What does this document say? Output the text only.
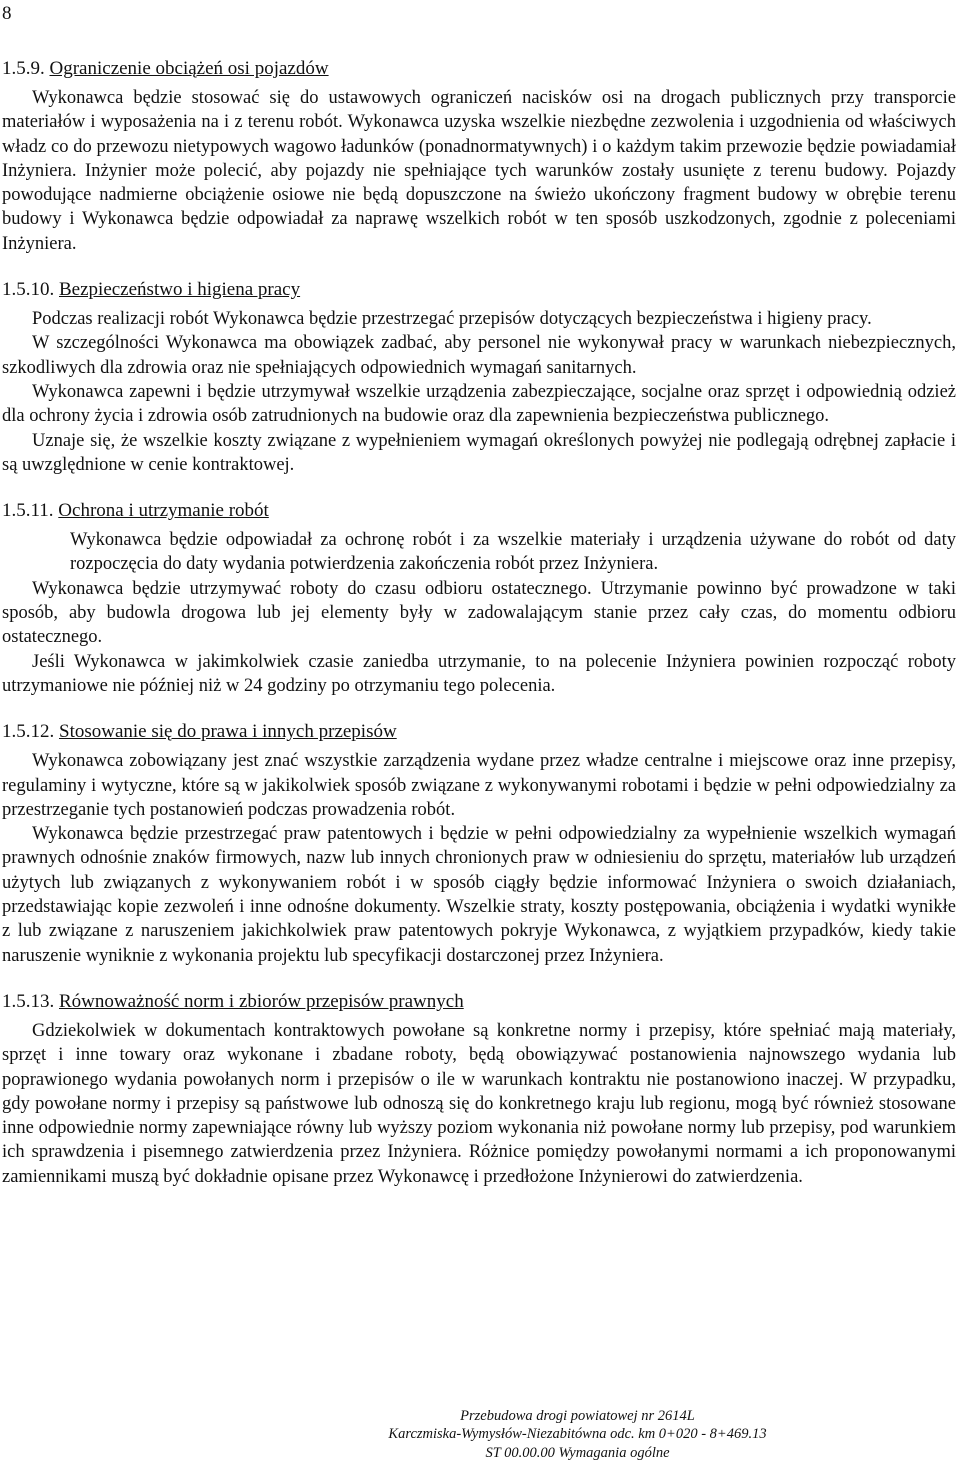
8
1.5.9. Ograniczenie obciążeń osi pojazdów

Wykonawca będzie stosować się do ustawowych ograniczeń nacisków osi na drogach publicznych przy transporcie materiałów i wyposażenia na i z terenu robót. Wykonawca uzyska wszelkie niezbędne zezwolenia i uzgodnienia od właściwych władz co do przewozu nietypowych wagowo ładunków (ponadnormatywnych) i o każdym takim przewozie będzie powiadamiał Inżyniera. Inżynier może polecić, aby pojazdy nie spełniające tych warunków zostały usunięte z terenu budowy. Pojazdy powodujące nadmierne obciążenie osiowe nie będą dopuszczone na świeżo ukończony fragment budowy w obrębie terenu budowy i Wykonawca będzie odpowiadał za naprawę wszelkich robót w ten sposób uszkodzonych, zgodnie z poleceniami Inżyniera.

1.5.10. Bezpieczeństwo i higiena pracy

Podczas realizacji robót Wykonawca będzie przestrzegać przepisów dotyczących bezpieczeństwa i higieny pracy.

W szczególności Wykonawca ma obowiązek zadbać, aby personel nie wykonywał pracy w warunkach niebezpiecznych, szkodliwych dla zdrowia oraz nie spełniających odpowiednich wymagań sanitarnych.

Wykonawca zapewni i będzie utrzymywał wszelkie urządzenia zabezpieczające, socjalne oraz sprzęt i odpowiednią odzież dla ochrony życia i zdrowia osób zatrudnionych na budowie oraz dla zapewnienia bezpieczeństwa publicznego.

Uznaje się, że wszelkie koszty związane z wypełnieniem wymagań określonych powyżej nie podlegają odrębnej zapłacie i są uwzględnione w cenie kontraktowej.

1.5.11. Ochrona i utrzymanie robót

Wykonawca będzie odpowiadał za ochronę robót i za wszelkie materiały i urządzenia używane do robót od daty rozpoczęcia do daty wydania potwierdzenia zakończenia robót przez Inżyniera.

Wykonawca będzie utrzymywać roboty do czasu odbioru ostatecznego. Utrzymanie powinno być prowadzone w taki sposób, aby budowla drogowa lub jej elementy były w zadowalającym stanie przez cały czas, do momentu odbioru ostatecznego.

Jeśli Wykonawca w jakimkolwiek czasie zaniedba utrzymanie, to na polecenie Inżyniera powinien rozpocząć roboty utrzymaniowe nie później niż w 24 godziny po otrzymaniu tego polecenia.

1.5.12. Stosowanie się do prawa i innych przepisów

Wykonawca zobowiązany jest znać wszystkie zarządzenia wydane przez władze centralne i miejscowe oraz inne przepisy, regulaminy i wytyczne, które są w jakikolwiek sposób związane z wykonywanymi robotami i będzie w pełni odpowiedzialny za przestrzeganie tych postanowień podczas prowadzenia robót.

Wykonawca będzie przestrzegać praw patentowych i będzie w pełni odpowiedzialny za wypełnienie wszelkich wymagań prawnych odnośnie znaków firmowych, nazw lub innych chronionych praw w odniesieniu do sprzętu, materiałów lub urządzeń użytych lub związanych z wykonywaniem robót i w sposób ciągły będzie informować Inżyniera o swoich działaniach, przedstawiając kopie zezwoleń i inne odnośne dokumenty. Wszelkie straty, koszty postępowania, obciążenia i wydatki wynikłe z lub związane z naruszeniem jakichkolwiek praw patentowych pokryje Wykonawca, z wyjątkiem przypadków, kiedy takie naruszenie wyniknie z wykonania projektu lub specyfikacji dostarczonej przez Inżyniera.

1.5.13. Równoważność norm i zbiorów przepisów prawnych

Gdziekolwiek w dokumentach kontraktowych powołane są konkretne normy i przepisy, które spełniać mają materiały, sprzęt i inne towary oraz wykonane i zbadane roboty, będą obowiązywać postanowienia najnowszego wydania lub poprawionego wydania powołanych norm i przepisów o ile w warunkach kontraktu nie postanowiono inaczej. W przypadku, gdy powołane normy i przepisy są państwowe lub odnoszą się do konkretnego kraju lub regionu, mogą być również stosowane inne odpowiednie normy zapewniające równy lub wyższy poziom wykonania niż powołane normy lub przepisy, pod warunkiem ich sprawdzenia i pisemnego zatwierdzenia przez Inżyniera. Różnice pomiędzy powołanymi normami a ich proponowanymi zamiennikami muszą być dokładnie opisane przez Wykonawcę i przedłożone Inżynierowi do zatwierdzenia.

Przebudowa drogi powiatowej nr 2614L
Karczmiska-Wymysłów-Niezabitówna odc. km 0+020 - 8+469.13
ST 00.00.00 Wymagania ogólne
